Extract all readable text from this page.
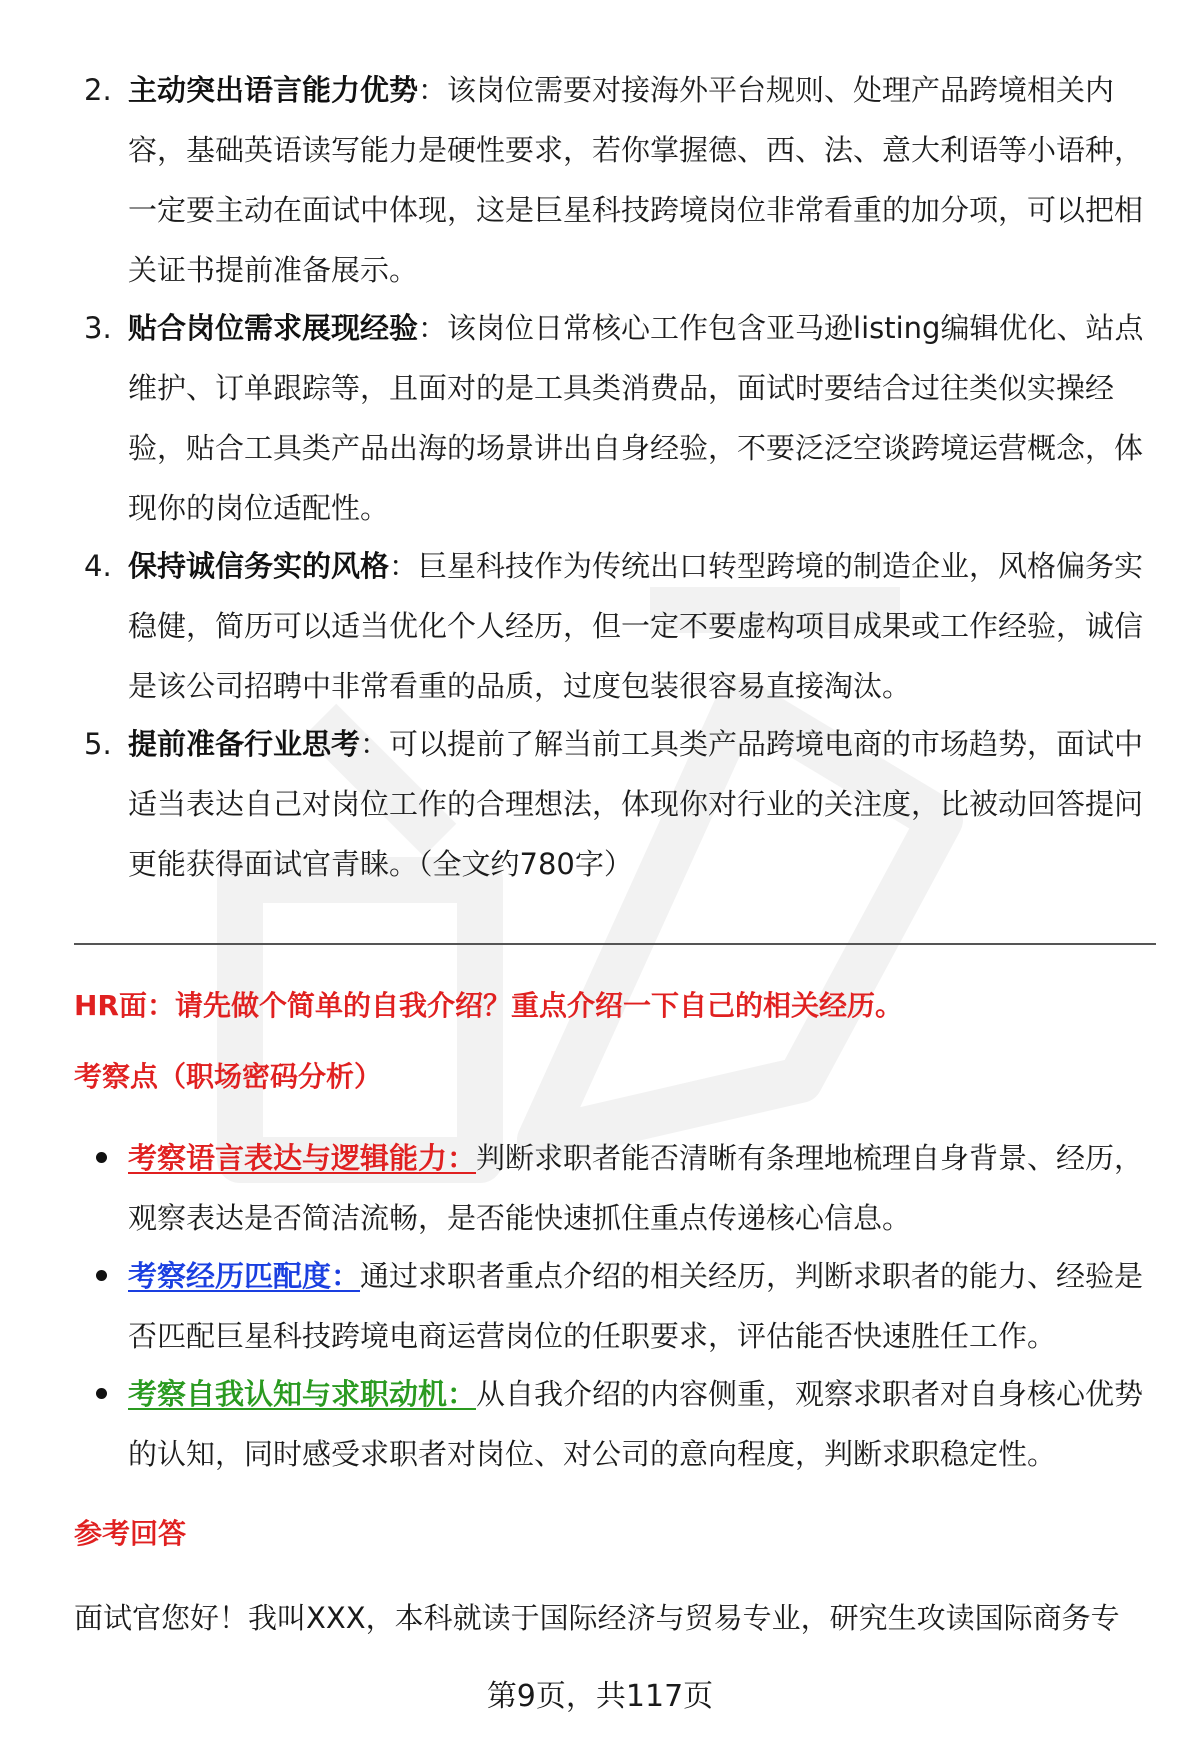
2. 主动突出语言能力优势：该岗位需要对接海外平台规则、处理产品跨境相关内容，基础英语读写能力是硬性要求，若你掌握德、西、法、意大利语等小语种，一定要主动在面试中体现，这是巨星科技跨境岗位非常看重的加分项，可以把相关证书提前准备展示。
3. 贴合岗位需求展现经验：该岗位日常核心工作包含亚马逊listing编辑优化、站点维护、订单跟踪等，且面对的是工具类消费品，面试时要结合过往类似实操经验，贴合工具类产品出海的场景讲出自身经验，不要泛泛空谈跨境运营概念，体现你的岗位适配性。
4. 保持诚信务实的风格：巨星科技作为传统出口转型跨境的制造企业，风格偏务实稳健，简历可以适当优化个人经历，但一定不要虚构项目成果或工作经验，诚信是该公司招聘中非常看重的品质，过度包装很容易直接淘汰。
5. 提前准备行业思考：可以提前了解当前工具类产品跨境电商的市场趋势，面试中适当表达自己对岗位工作的合理想法，体现你对行业的关注度，比被动回答提问更能获得面试官青睐。（全文约780字）
HR面：请先做个简单的自我介绍？重点介绍一下自己的相关经历。
考察点（职场密码分析）
考察语言表达与逻辑能力：判断求职者能否清晰有条理地梳理自身背景、经历，观察表达是否简洁流畅，是否能快速抓住重点传递核心信息。
考察经历匹配度：通过求职者重点介绍的相关经历，判断求职者的能力、经验是否匹配巨星科技跨境电商运营岗位的任职要求，评估能否快速胜任工作。
考察自我认知与求职动机：从自我介绍的内容侧重，观察求职者对自身核心优势的认知，同时感受求职者对岗位、对公司的意向程度，判断求职稳定性。
参考回答
面试官您好！我叫XXX，本科就读于国际经济与贸易专业，研究生攻读国际商务专
第9页，共117页
